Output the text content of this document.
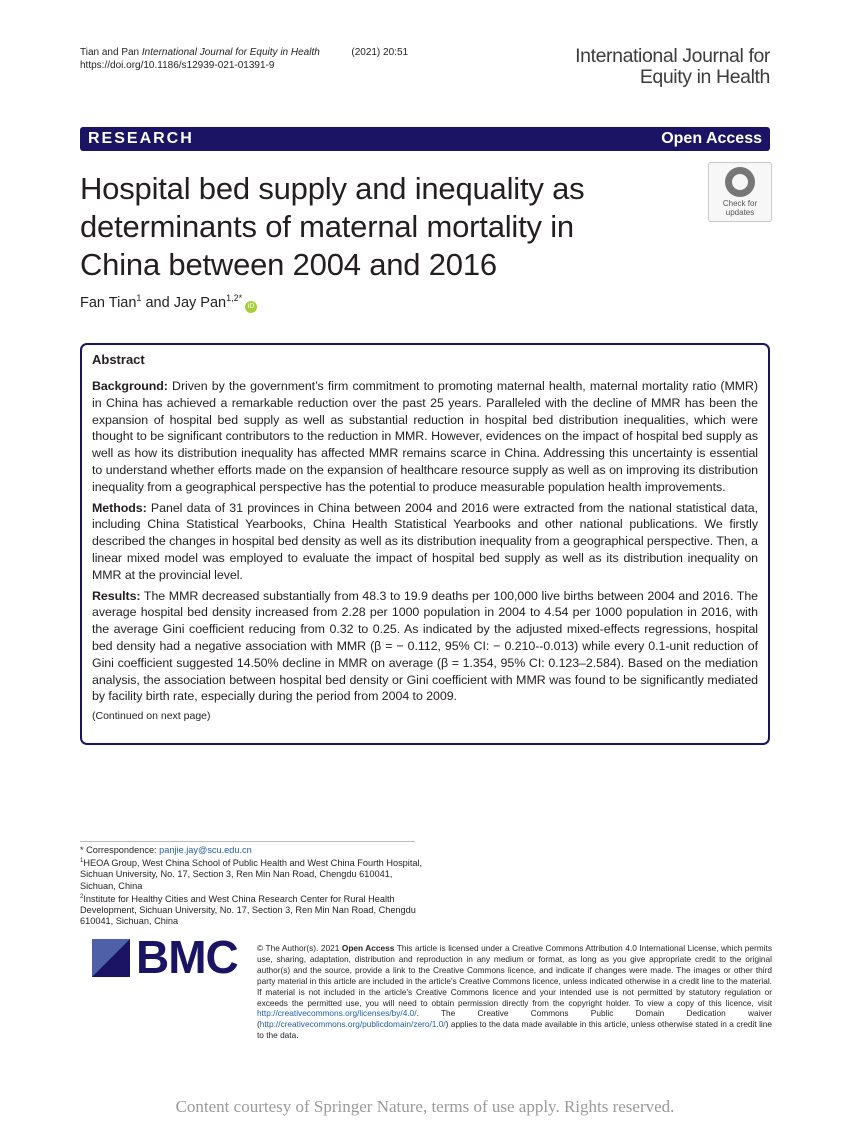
Tian and Pan International Journal for Equity in Health	(2021) 20:51
https://doi.org/10.1186/s12939-021-01391-9	International Journal for
Equity in Health
RESEARCH	Open Access
Hospital bed supply and inequality as determinants of maternal mortality in China between 2004 and 2016
Check for
updates
Fan Tian$^1$ and Jay Pan$^{1,2*}$iD
Abstract

Background: Driven by the government’s firm commitment to promoting maternal health, maternal mortality ratio (MMR) in China has achieved a remarkable reduction over the past 25 years. Paralleled with the decline of MMR has been the expansion of hospital bed supply as well as substantial reduction in hospital bed distribution inequalities, which were thought to be significant contributors to the reduction in MMR. However, evidences on the impact of hospital bed supply as well as how its distribution inequality has affected MMR remains scarce in China. Addressing this uncertainty is essential to understand whether efforts made on the expansion of healthcare resource supply as well as on improving its distribution inequality from a geographical perspective has the potential to produce measurable population health improvements.

Methods: Panel data of 31 provinces in China between 2004 and 2016 were extracted from the national statistical data, including China Statistical Yearbooks, China Health Statistical Yearbooks and other national publications. We firstly described the changes in hospital bed density as well as its distribution inequality from a geographical perspective. Then, a linear mixed model was employed to evaluate the impact of hospital bed supply as well as its distribution inequality on MMR at the provincial level.

Results: The MMR decreased substantially from 48.3 to 19.9 deaths per 100,000 live births between 2004 and 2016. The average hospital bed density increased from 2.28 per 1000 population in 2004 to 4.54 per 1000 population in 2016, with the average Gini coefficient reducing from 0.32 to 0.25. As indicated by the adjusted mixed-effects regressions, hospital bed density had a negative association with MMR (β = − 0.112, 95% CI: − 0.210--0.013) while every 0.1-unit reduction of Gini coefficient suggested 14.50% decline in MMR on average (β = 1.354, 95% CI: 0.123–2.584). Based on the mediation analysis, the association between hospital bed density or Gini coefficient with MMR was found to be significantly mediated by facility birth rate, especially during the period from 2004 to 2009.

(Continued on next page)
* Correspondence: panjie.jay@scu.edu.cn
$^1$HEOA Group, West China School of Public Health and West China Fourth Hospital, Sichuan University, No. 17, Section 3, Ren Min Nan Road, Chengdu 610041, Sichuan, China
$^2$Institute for Healthy Cities and West China Research Center for Rural Health Development, Sichuan University, No. 17, Section 3, Ren Min Nan Road, Chengdu 610041, Sichuan, China
BMC © The Author(s). 2021 Open Access This article is licensed under a Creative Commons Attribution 4.0 International License, which permits use, sharing, adaptation, distribution and reproduction in any medium or format, as long as you give appropriate credit to the original author(s) and the source, provide a link to the Creative Commons licence, and indicate if changes were made. The images or other third party material in this article are included in the article's Creative Commons licence, unless indicated otherwise in a credit line to the material. If material is not included in the article's Creative Commons licence and your intended use is not permitted by statutory regulation or exceeds the permitted use, you will need to obtain permission directly from the copyright holder. To view a copy of this licence, visit http://creativecommons.org/licenses/by/4.0/. The Creative Commons Public Domain Dedication waiver (http://creativecommons.org/publicdomain/zero/1.0/) applies to the data made available in this article, unless otherwise stated in a credit line to the data.
Content courtesy of Springer Nature, terms of use apply. Rights reserved.
